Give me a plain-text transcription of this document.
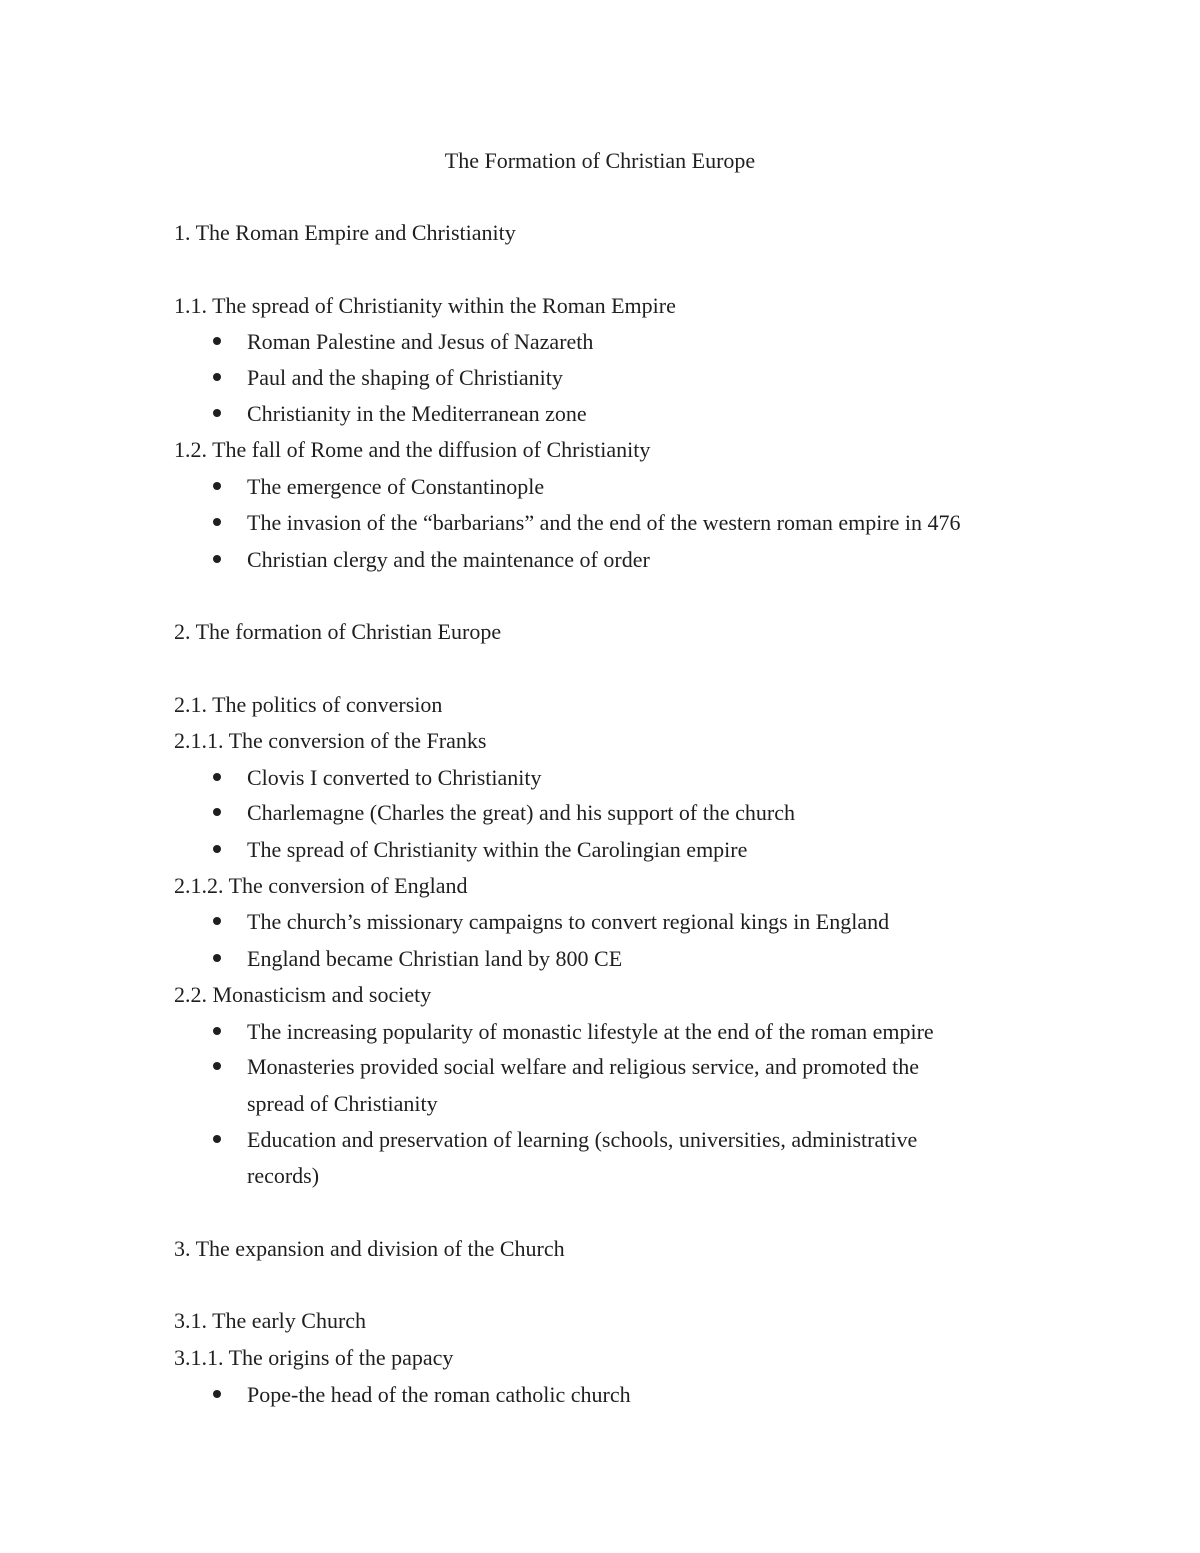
The Formation of Christian Europe
1. The Roman Empire and Christianity
1.1. The spread of Christianity within the Roman Empire
Roman Palestine and Jesus of Nazareth
Paul and the shaping of Christianity
Christianity in the Mediterranean zone
1.2. The fall of Rome and the diffusion of Christianity
The emergence of Constantinople
The invasion of the “barbarians” and the end of the western roman empire in 476
Christian clergy and the maintenance of order
2. The formation of Christian Europe
2.1. The politics of conversion
2.1.1. The conversion of the Franks
Clovis I converted to Christianity
Charlemagne (Charles the great) and his support of the church
The spread of Christianity within the Carolingian empire
2.1.2. The conversion of England
The church’s missionary campaigns to convert regional kings in England
England became Christian land by 800 CE
2.2. Monasticism and society
The increasing popularity of monastic lifestyle at the end of the roman empire
Monasteries provided social welfare and religious service, and promoted the
spread of Christianity
Education and preservation of learning (schools, universities, administrative
records)
3. The expansion and division of the Church
3.1. The early Church
3.1.1. The origins of the papacy
Pope-the head of the roman catholic church
